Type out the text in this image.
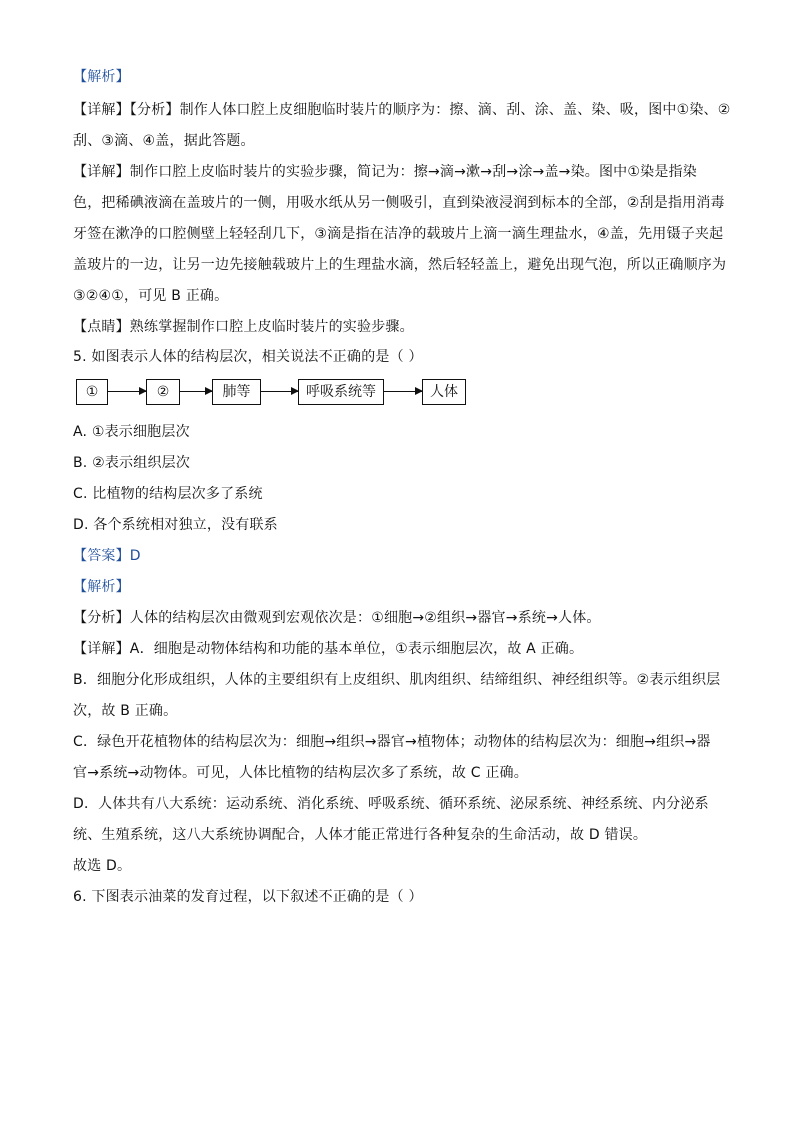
【解析】
【详解】【分析】制作人体口腔上皮细胞临时装片的顺序为：擦、滴、刮、涂、盖、染、吸，图中①染、②
刮、③滴、④盖，据此答题。
【详解】制作口腔上皮临时装片的实验步骤，简记为：擦→滴→漱→刮→涂→盖→染。图中①染是指染
色，把稀碘液滴在盖玻片的一侧，用吸水纸从另一侧吸引，直到染液浸润到标本的全部，②刮是指用消毒
牙签在漱净的口腔侧壁上轻轻刮几下，③滴是指在洁净的载玻片上滴一滴生理盐水，④盖，先用镊子夹起
盖玻片的一边，让另一边先接触载玻片上的生理盐水滴，然后轻轻盖上，避免出现气泡，所以正确顺序为
③②④①，可见 B 正确。
【点睛】熟练掌握制作口腔上皮临时装片的实验步骤。
5. 如图表示人体的结构层次，相关说法不正确的是（ ）
①	②	肺等	呼吸系统等	人体
A. ①表示细胞层次
B. ②表示组织层次
C. 比植物的结构层次多了系统
D. 各个系统相对独立，没有联系
【答案】D
【解析】
【分析】人体的结构层次由微观到宏观依次是：①细胞→②组织→器官→系统→人体。
【详解】A．细胞是动物体结构和功能的基本单位，①表示细胞层次，故 A 正确。
B．细胞分化形成组织，人体的主要组织有上皮组织、肌肉组织、结缔组织、神经组织等。②表示组织层
次，故 B 正确。
C．绿色开花植物体的结构层次为：细胞→组织→器官→植物体；动物体的结构层次为：细胞→组织→器
官→系统→动物体。可见，人体比植物的结构层次多了系统，故 C 正确。
D．人体共有八大系统：运动系统、消化系统、呼吸系统、循环系统、泌尿系统、神经系统、内分泌系
统、生殖系统，这八大系统协调配合，人体才能正常进行各种复杂的生命活动，故 D 错误。
故选 D。
6. 下图表示油菜的发育过程，以下叙述不正确的是（ ）
